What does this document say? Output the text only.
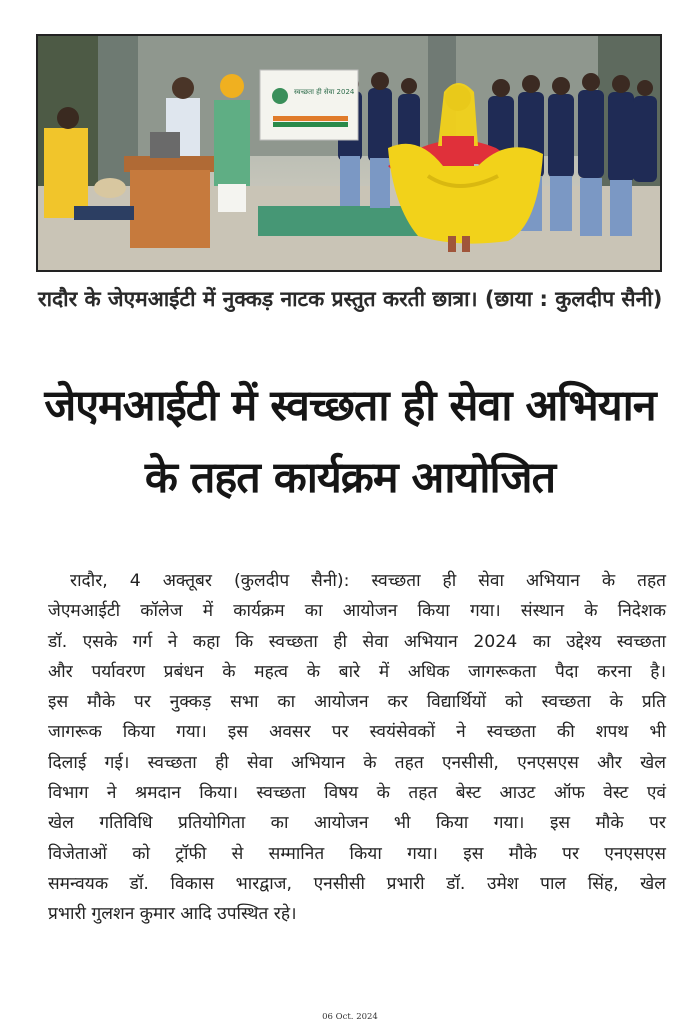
स्वच्छता ही सेवा 2024
रादौर के जेएमआईटी में नुक्कड़ नाटक प्रस्तुत करती छात्रा। (छाया : कुलदीप सैनी)
जेएमआईटी में स्वच्छता ही सेवा अभियान
के तहत कार्यक्रम आयोजित

रादौर, 4 अक्तूबर (कुलदीप सैनी): स्वच्छता ही सेवा अभियान के तहत
जेएमआईटी कॉलेज में कार्यक्रम का आयोजन किया गया। संस्थान के निदेशक
डॉ. एसके गर्ग ने कहा कि स्वच्छता ही सेवा अभियान 2024 का उद्देश्य स्वच्छता
और पर्यावरण प्रबंधन के महत्व के बारे में अधिक जागरूकता पैदा करना है।
इस मौके पर नुक्कड़ सभा का आयोजन कर विद्यार्थियों को स्वच्छता के प्रति
जागरूक किया गया। इस अवसर पर स्वयंसेवकों ने स्वच्छता की शपथ भी
दिलाई गई। स्वच्छता ही सेवा अभियान के तहत एनसीसी, एनएसएस और खेल
विभाग ने श्रमदान किया। स्वच्छता विषय के तहत बेस्ट आउट ऑफ वेस्ट एवं
खेल गतिविधि प्रतियोगिता का आयोजन भी किया गया। इस मौके पर
विजेताओं को ट्रॉफी से सम्मानित किया गया। इस मौके पर एनएसएस
समन्वयक डॉ. विकास भारद्वाज, एनसीसी प्रभारी डॉ. उमेश पाल सिंह, खेल
प्रभारी गुलशन कुमार आदि उपस्थित रहे।

06 Oct. 2024
